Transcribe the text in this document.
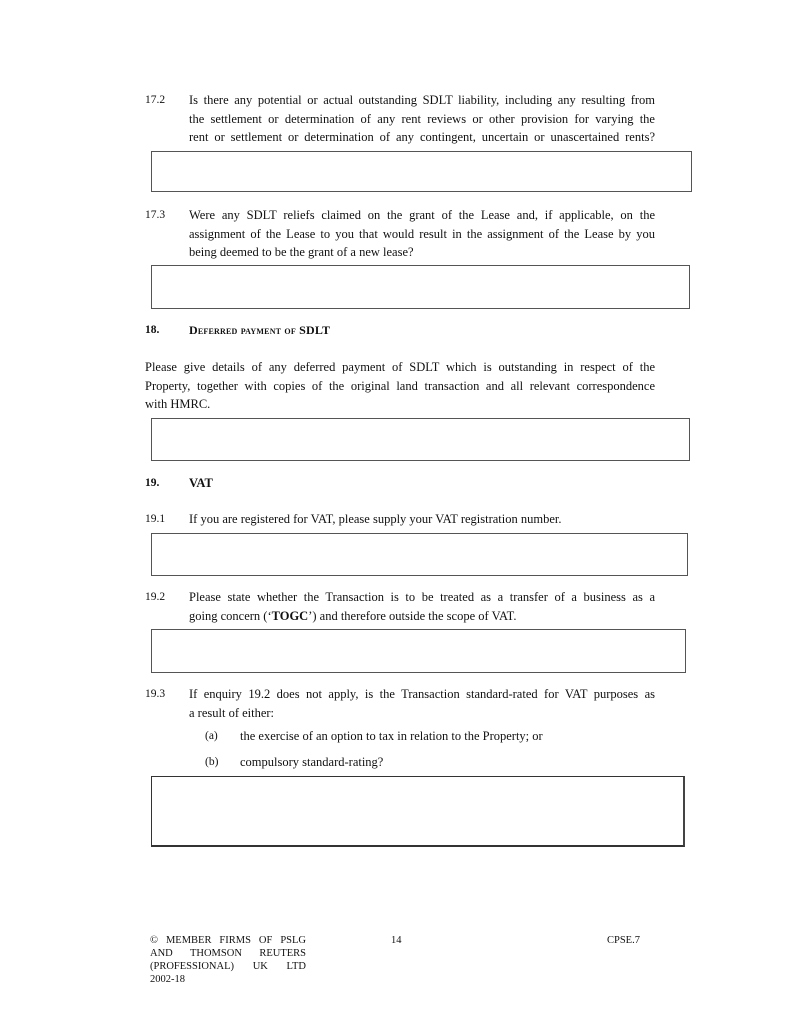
17.2 Is there any potential or actual outstanding SDLT liability, including any resulting from
the settlement or determination of any rent reviews or other provision for varying the
rent or settlement or determination of any contingent, uncertain or unascertained rents?
17.3 Were any SDLT reliefs claimed on the grant of the Lease and, if applicable, on the
assignment of the Lease to you that would result in the assignment of the Lease by you
being deemed to be the grant of a new lease?
18. Deferred payment of SDLT
Please give details of any deferred payment of SDLT which is outstanding in respect of the
Property, together with copies of the original land transaction and all relevant correspondence
with HMRC.
19. VAT
19.1 If you are registered for VAT, please supply your VAT registration number.
19.2 Please state whether the Transaction is to be treated as a transfer of a business as a
going concern (‘TOGC’) and therefore outside the scope of VAT.
19.3 If enquiry 19.2 does not apply, is the Transaction standard-rated for VAT purposes as
a result of either:
(a) the exercise of an option to tax in relation to the Property; or
(b) compulsory standard-rating?
© MEMBER FIRMS OF PSLG
AND THOMSON REUTERS
(PROFESSIONAL) UK LTD
2002-18
14	CPSE.7
